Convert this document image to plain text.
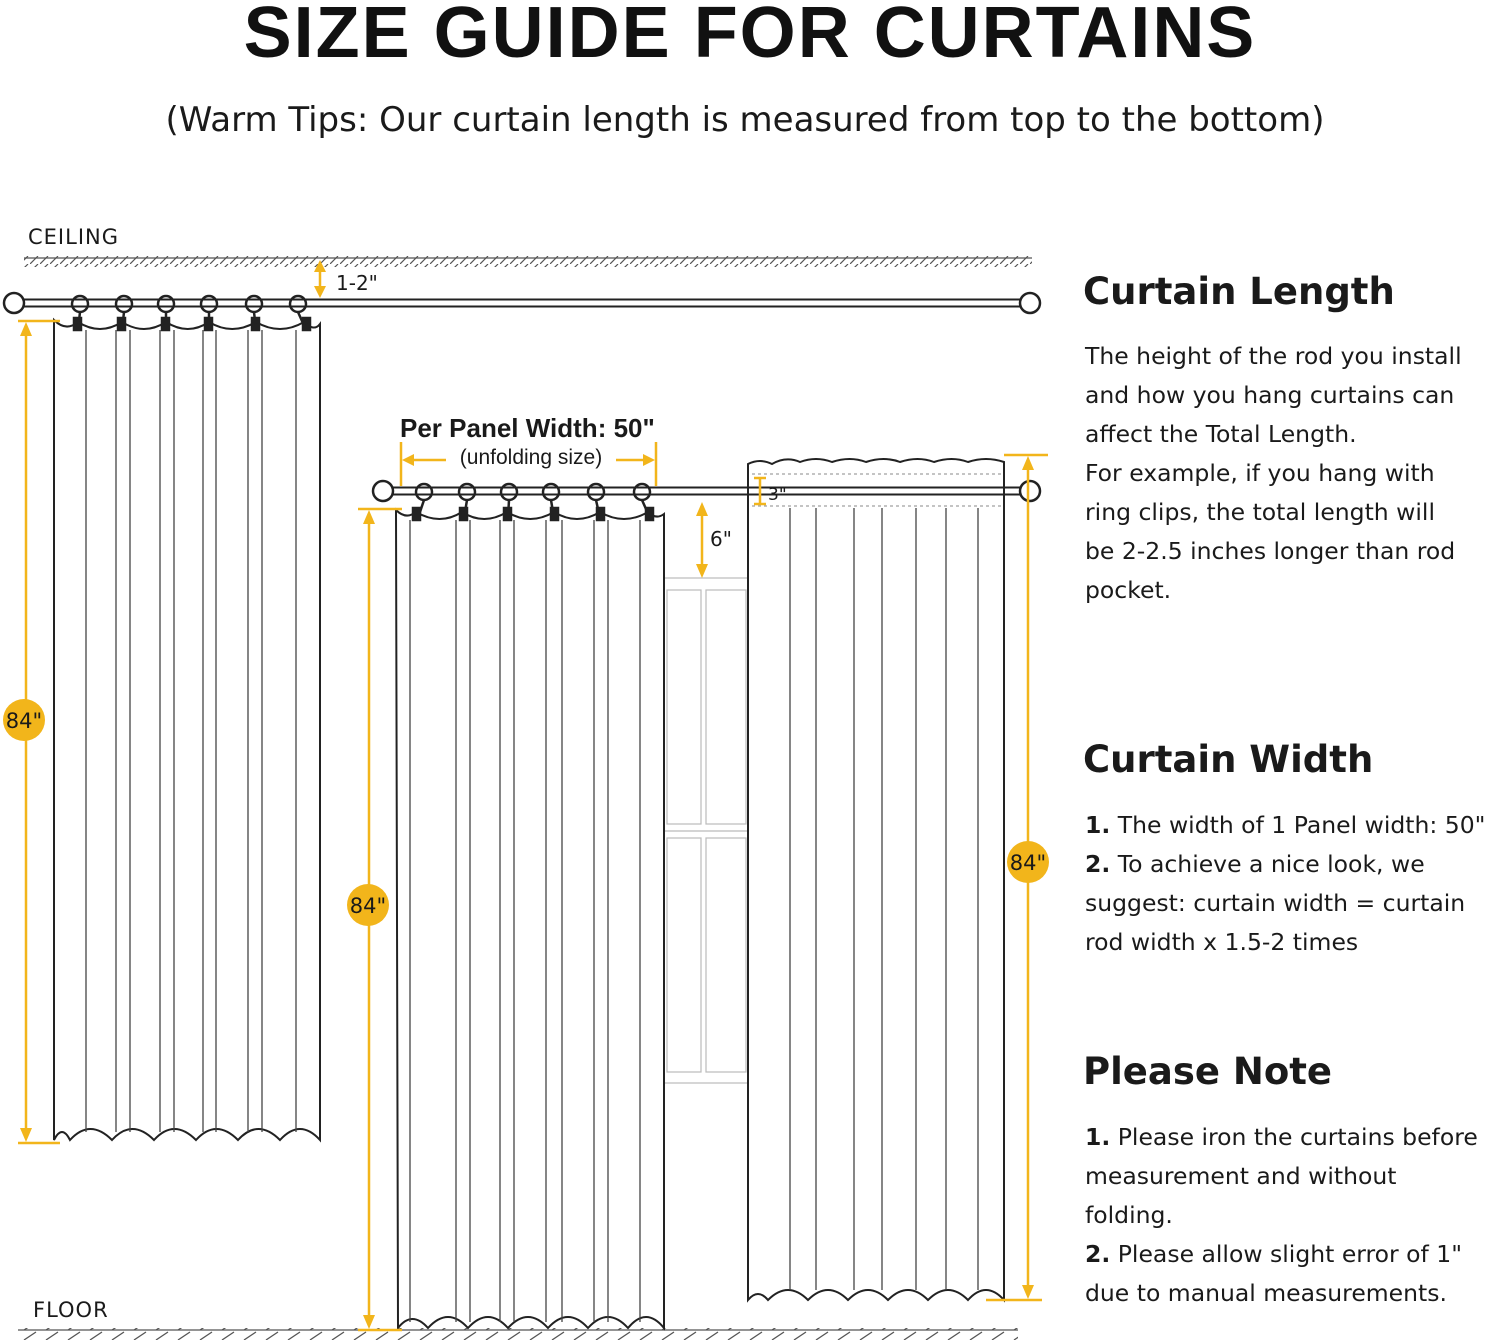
SIZE GUIDE FOR CURTAINS
(Warm Tips: Our curtain length is measured from top to the bottom)
84"
1-2"
84"
Per Panel Width: 50"
(unfolding size)
6"
3"
84"
CEILING
FLOOR
Curtain Length

The height of the rod you install

and how you hang curtains can

affect the Total Length.

For example, if you hang with

ring clips, the total length will

be 2-2.5 inches longer than rod

pocket.

Curtain Width

1. The width of 1 Panel width: 50"

2. To achieve a nice look, we

suggest: curtain width = curtain

rod width x 1.5-2 times

Please Note

1. Please iron the curtains before

measurement and without

folding.

2. Please allow slight error of 1"

due to manual measurements.
